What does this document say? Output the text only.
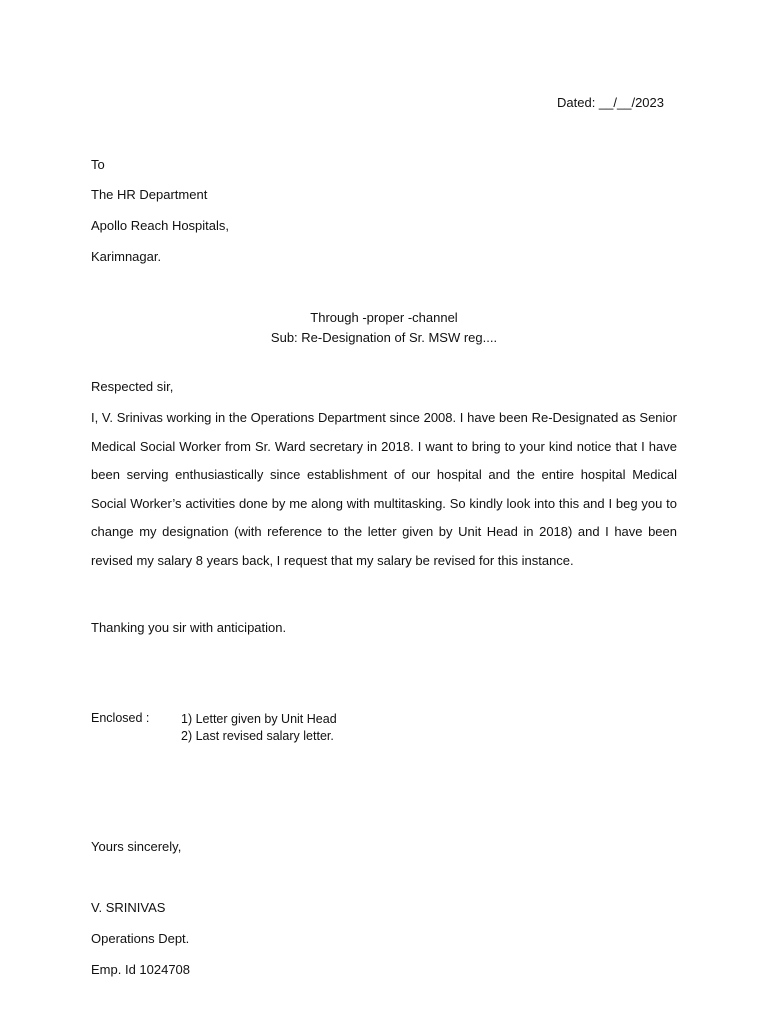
Dated: __/__/2023
To
The HR Department
Apollo Reach Hospitals,
Karimnagar.
Through -proper -channel
Sub: Re-Designation of Sr. MSW reg....
Respected sir,
I, V. Srinivas working in the Operations Department since 2008. I have been Re-Designated as Senior Medical Social Worker from Sr. Ward secretary in 2018. I want to bring to your kind notice that I have been serving enthusiastically since establishment of our hospital and the entire hospital Medical Social Worker’s activities done by me along with multitasking. So kindly look into this and I beg you to change my designation (with reference to the letter given by Unit Head in 2018) and I have been revised my salary 8 years back, I request that my salary be revised for this instance.
Thanking you sir with anticipation.
Enclosed :	1) Letter given by Unit Head
2) Last revised salary letter.
Yours sincerely,
V. SRINIVAS
Operations Dept.
Emp. Id 1024708
